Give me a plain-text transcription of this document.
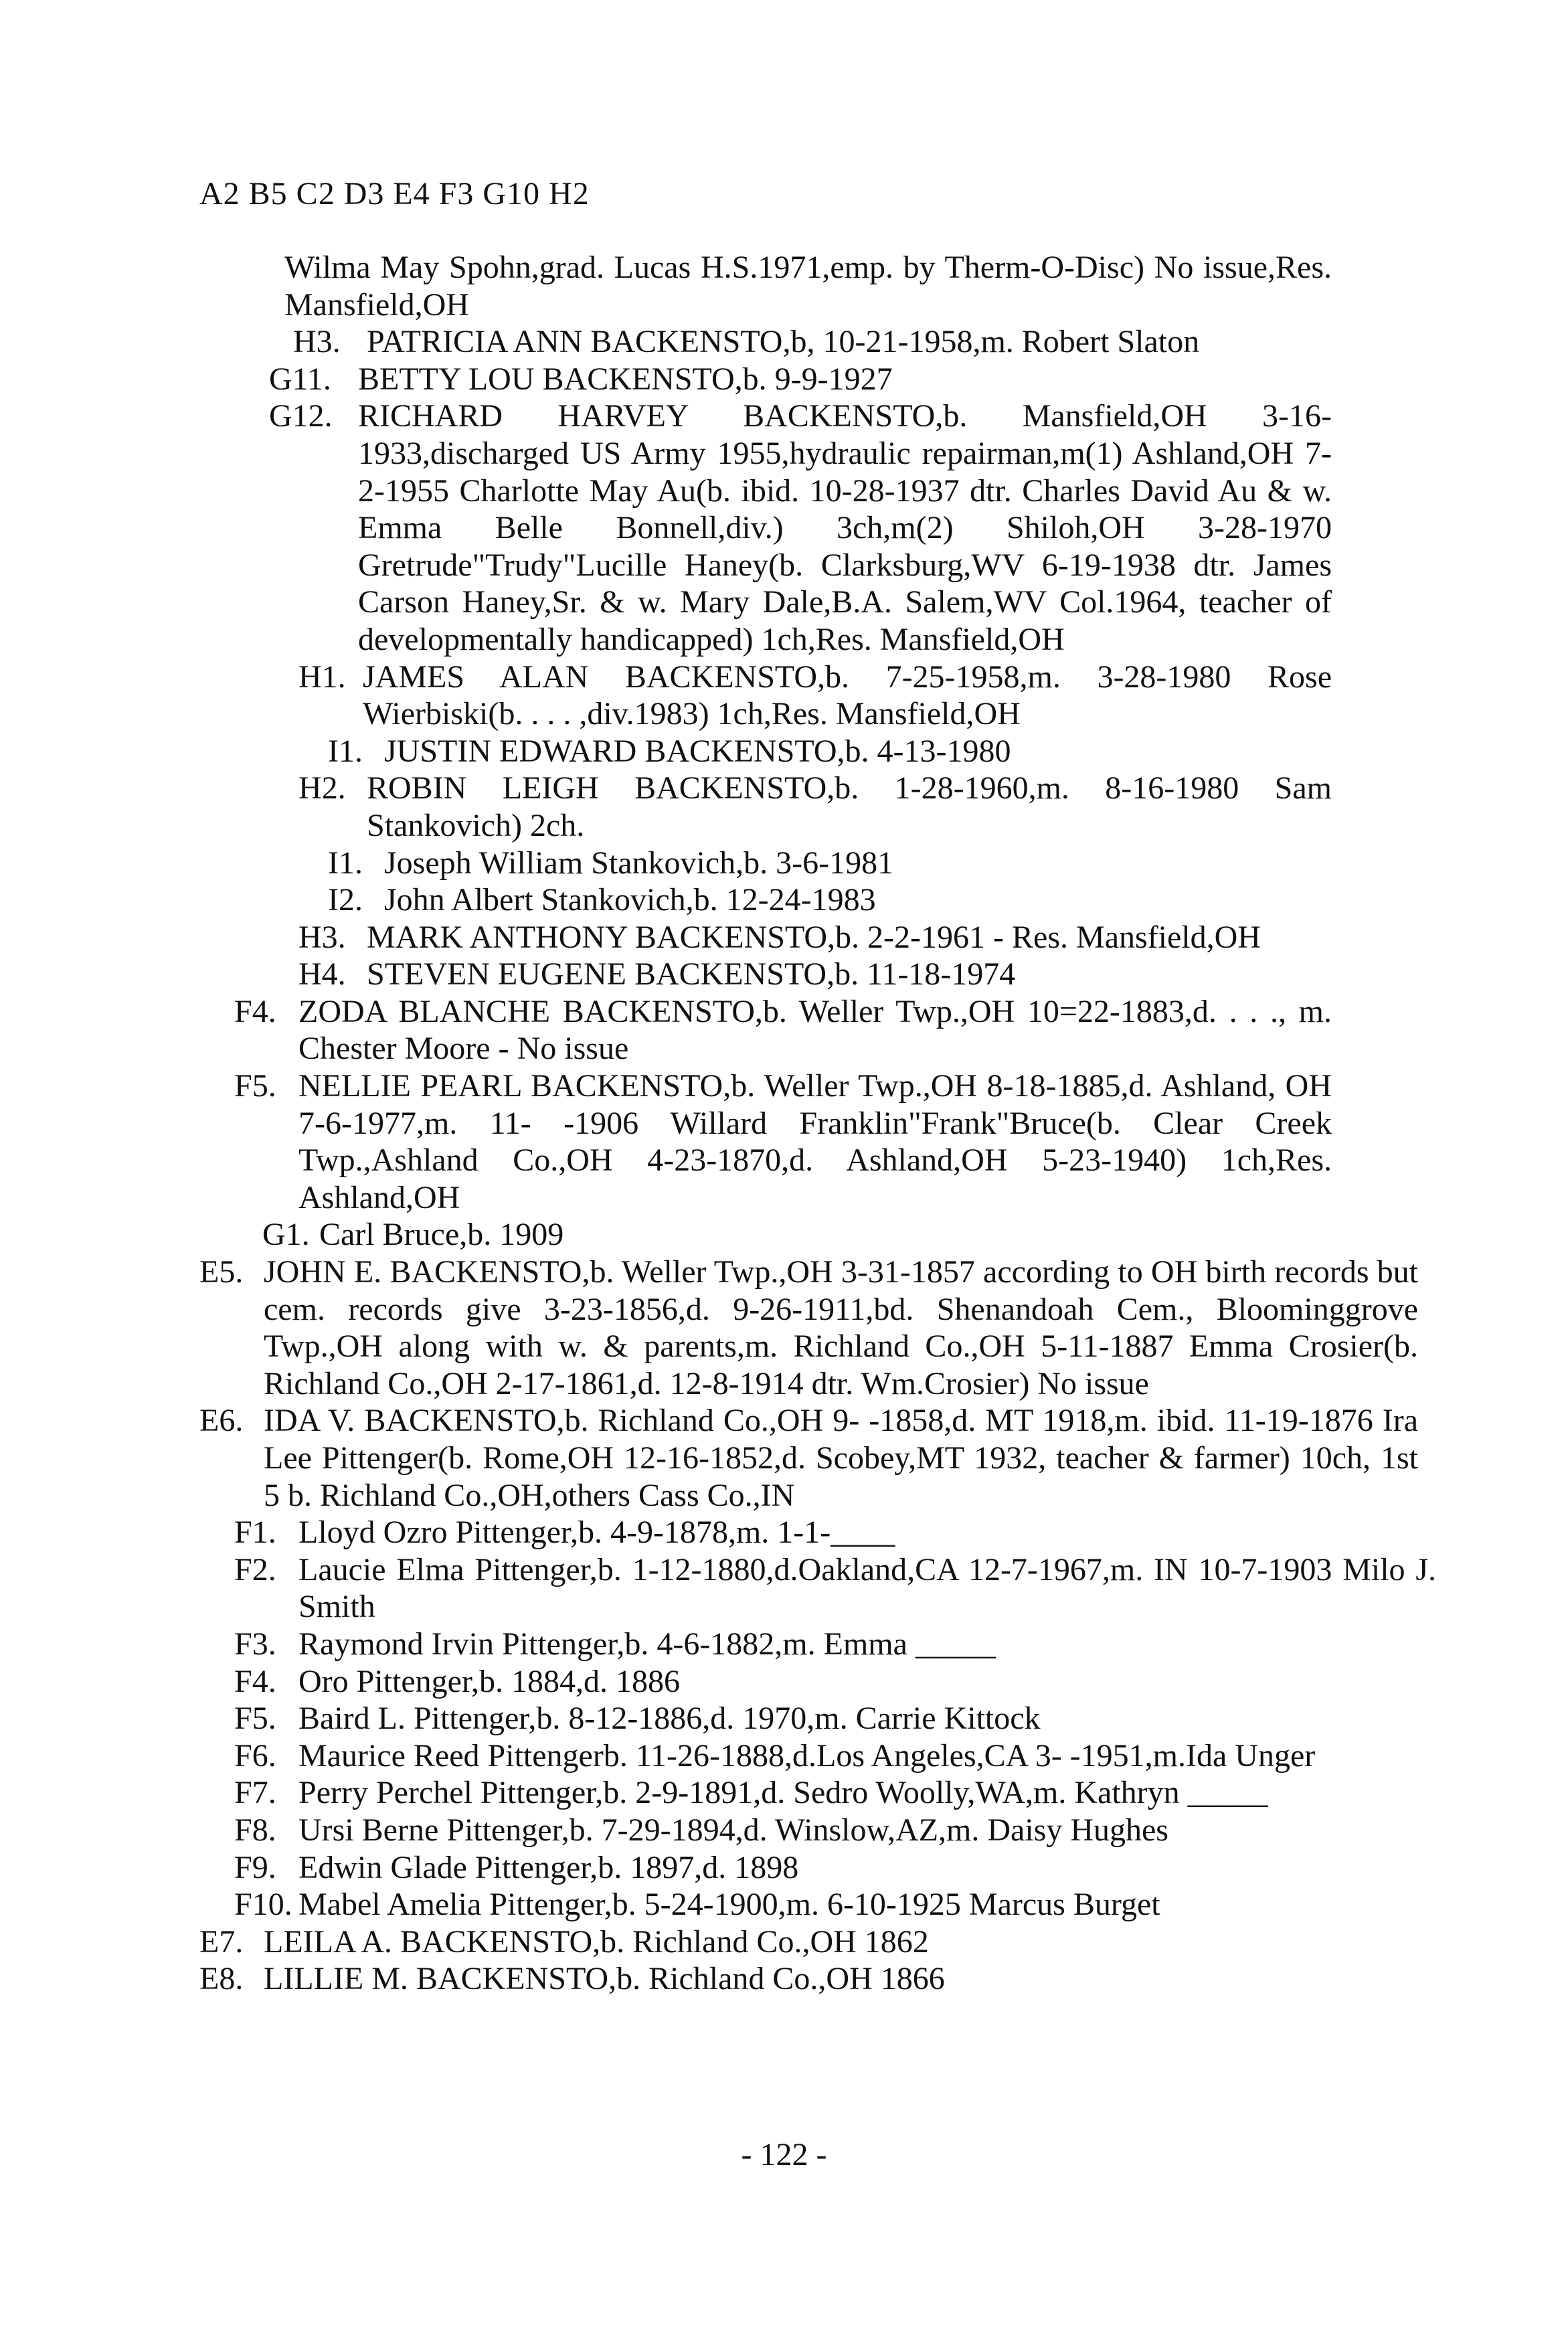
A2 B5 C2 D3 E4 F3 G10 H2
Wilma May Spohn,grad. Lucas H.S.1971,emp. by Therm-O-Disc) No issue,Res. Mansfield,OH
H3. PATRICIA ANN BACKENSTO,b, 10-21-1958,m. Robert Slaton
G11. BETTY LOU BACKENSTO,b. 9-9-1927
G12. RICHARD HARVEY BACKENSTO,b. Mansfield,OH 3-16-1933,discharged US Army 1955,hydraulic repairman,m(1) Ashland,OH 7-2-1955 Charlotte May Au(b. ibid. 10-28-1937 dtr. Charles David Au & w. Emma Belle Bonnell,div.) 3ch,m(2) Shiloh,OH 3-28-1970 Gretrude"Trudy"Lucille Haney(b. Clarksburg,WV 6-19-1938 dtr. James Carson Haney,Sr. & w. Mary Dale,B.A. Salem,WV Col.1964, teacher of developmentally handicapped) 1ch,Res. Mansfield,OH
H1. JAMES ALAN BACKENSTO,b. 7-25-1958,m. 3-28-1980 Rose Wierbiski(b. . . . ,div.1983) 1ch,Res. Mansfield,OH
I1. JUSTIN EDWARD BACKENSTO,b. 4-13-1980
H2. ROBIN LEIGH BACKENSTO,b. 1-28-1960,m. 8-16-1980 Sam Stankovich) 2ch.
I1. Joseph William Stankovich,b. 3-6-1981
I2. John Albert Stankovich,b. 12-24-1983
H3. MARK ANTHONY BACKENSTO,b. 2-2-1961 - Res. Mansfield,OH
H4. STEVEN EUGENE BACKENSTO,b. 11-18-1974
F4. ZODA BLANCHE BACKENSTO,b. Weller Twp.,OH 10=22-1883,d. . . ., m. Chester Moore - No issue
F5. NELLIE PEARL BACKENSTO,b. Weller Twp.,OH 8-18-1885,d. Ashland, OH 7-6-1977,m. 11- -1906 Willard Franklin"Frank"Bruce(b. Clear Creek Twp.,Ashland Co.,OH 4-23-1870,d. Ashland,OH 5-23-1940) 1ch,Res. Ashland,OH
G1. Carl Bruce,b. 1909
E5. JOHN E. BACKENSTO,b. Weller Twp.,OH 3-31-1857 according to OH birth records but cem. records give 3-23-1856,d. 9-26-1911,bd. Shenandoah Cem., Bloominggrove Twp.,OH along with w. & parents,m. Richland Co.,OH 5-11-1887 Emma Crosier(b. Richland Co.,OH 2-17-1861,d. 12-8-1914 dtr. Wm.Crosier) No issue
E6. IDA V. BACKENSTO,b. Richland Co.,OH 9- -1858,d. MT 1918,m. ibid. 11-19-1876 Ira Lee Pittenger(b. Rome,OH 12-16-1852,d. Scobey,MT 1932, teacher & farmer) 10ch, 1st 5 b. Richland Co.,OH,others Cass Co.,IN
F1. Lloyd Ozro Pittenger,b. 4-9-1878,m. 1-1-____
F2. Laucie Elma Pittenger,b. 1-12-1880,d.Oakland,CA 12-7-1967,m. IN 10-7-1903 Milo J. Smith
F3. Raymond Irvin Pittenger,b. 4-6-1882,m. Emma _____
F4. Oro Pittenger,b. 1884,d. 1886
F5. Baird L. Pittenger,b. 8-12-1886,d. 1970,m. Carrie Kittock
F6. Maurice Reed Pittengerb. 11-26-1888,d.Los Angeles,CA 3- -1951,m.Ida Unger
F7. Perry Perchel Pittenger,b. 2-9-1891,d. Sedro Woolly,WA,m. Kathryn _____
F8. Ursi Berne Pittenger,b. 7-29-1894,d. Winslow,AZ,m. Daisy Hughes
F9. Edwin Glade Pittenger,b. 1897,d. 1898
F10. Mabel Amelia Pittenger,b. 5-24-1900,m. 6-10-1925 Marcus Burget
E7. LEILA A. BACKENSTO,b. Richland Co.,OH 1862
E8. LILLIE M. BACKENSTO,b. Richland Co.,OH 1866
- 122 -
